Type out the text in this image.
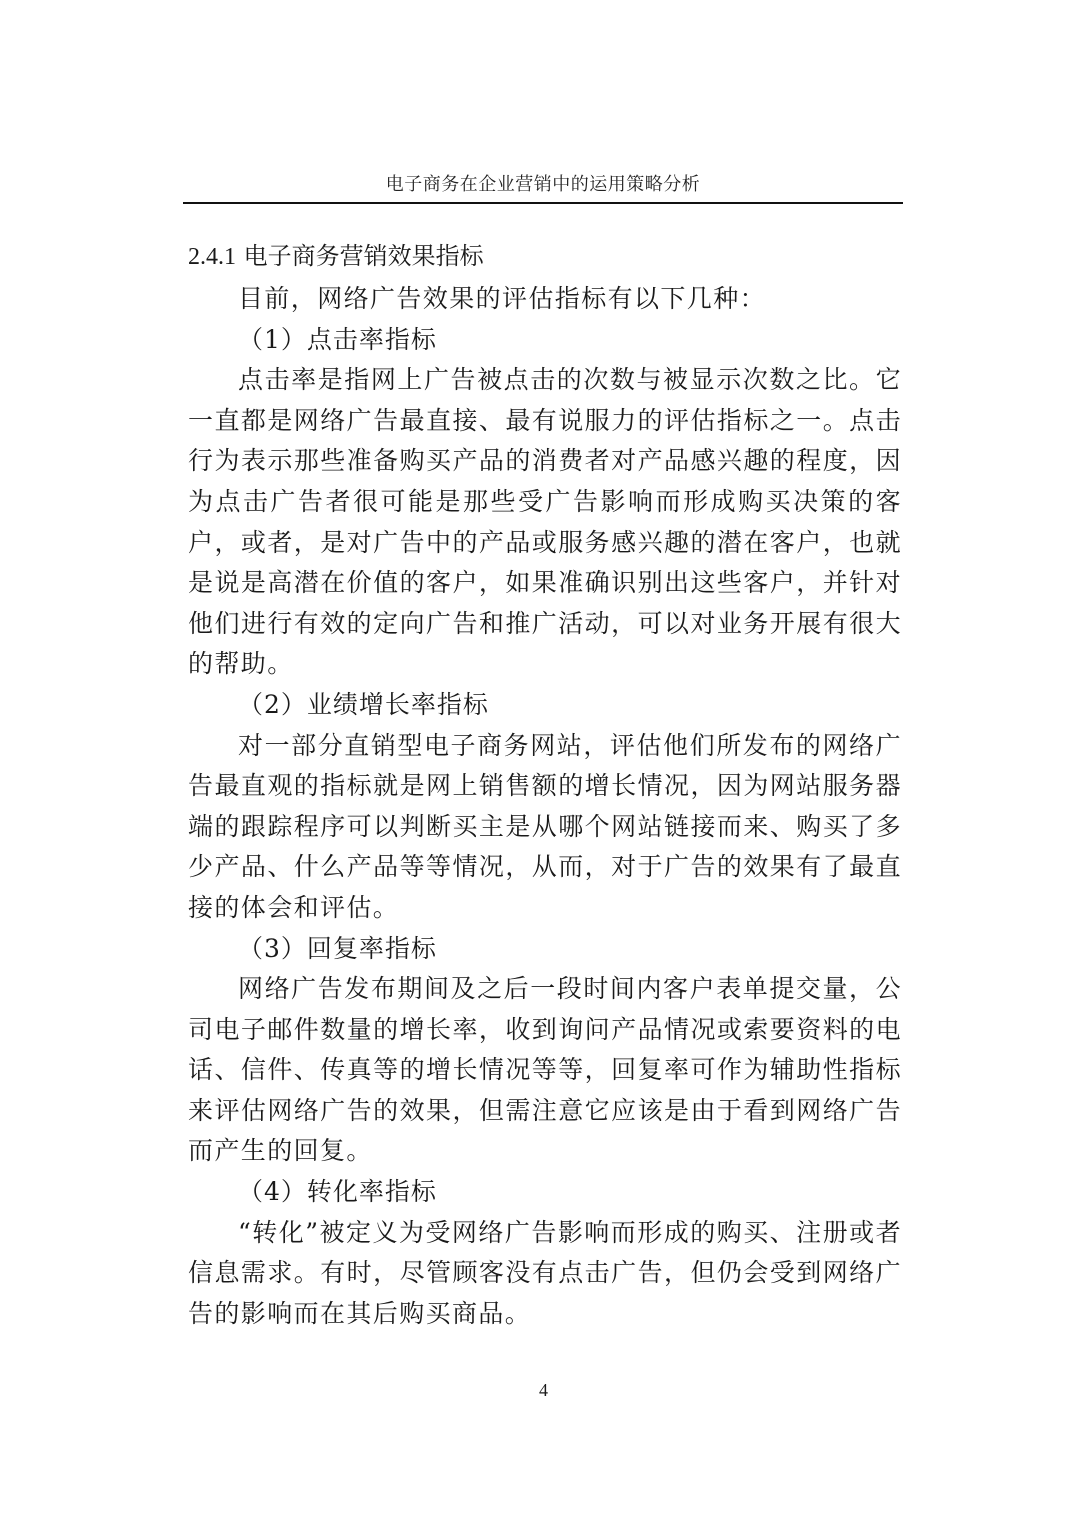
电子商务在企业营销中的运用策略分析
2.4.1 电子商务营销效果指标

目前，网络广告效果的评估指标有以下几种：

（1）点击率指标

点击率是指网上广告被点击的次数与被显示次数之比。它一直都是网络广告最直接、最有说服力的评估指标之一。点击行为表示那些准备购买产品的消费者对产品感兴趣的程度，因为点击广告者很可能是那些受广告影响而形成购买决策的客户，或者，是对广告中的产品或服务感兴趣的潜在客户，也就是说是高潜在价值的客户，如果准确识别出这些客户，并针对他们进行有效的定向广告和推广活动，可以对业务开展有很大的帮助。

（2）业绩增长率指标

对一部分直销型电子商务网站，评估他们所发布的网络广告最直观的指标就是网上销售额的增长情况，因为网站服务器端的跟踪程序可以判断买主是从哪个网站链接而来、购买了多少产品、什么产品等等情况，从而，对于广告的效果有了最直接的体会和评估。

（3）回复率指标

网络广告发布期间及之后一段时间内客户表单提交量，公司电子邮件数量的增长率，收到询问产品情况或索要资料的电话、信件、传真等的增长情况等等，回复率可作为辅助性指标来评估网络广告的效果，但需注意它应该是由于看到网络广告而产生的回复。

（4）转化率指标

“转化”被定义为受网络广告影响而形成的购买、注册或者信息需求。有时，尽管顾客没有点击广告，但仍会受到网络广告的影响而在其后购买商品。

4
